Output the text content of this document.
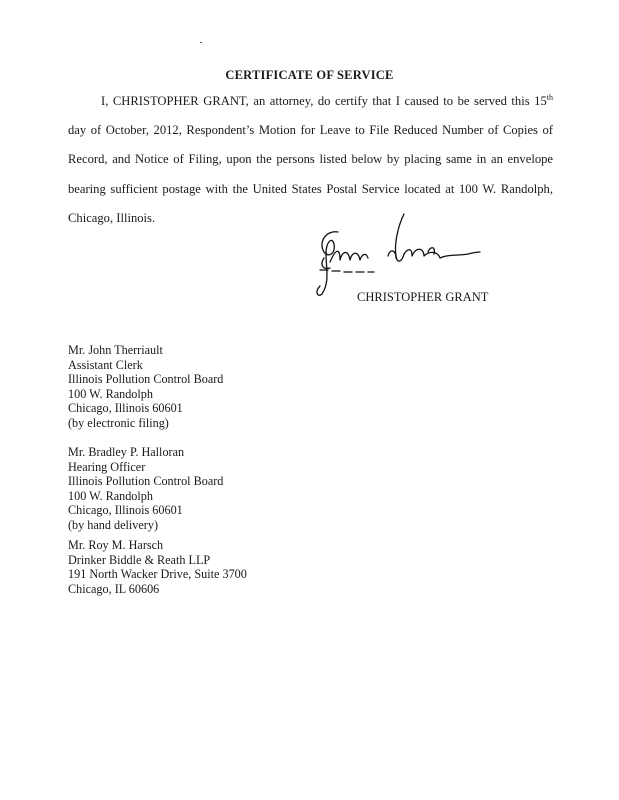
CERTIFICATE OF SERVICE

I, CHRISTOPHER GRANT, an attorney, do certify that I caused to be served this 15th day of October, 2012, Respondent’s Motion for Leave to File Reduced Number of Copies of Record, and Notice of Filing, upon the persons listed below by placing same in an envelope bearing sufficient postage with the United States Postal Service located at 100 W. Randolph, Chicago, Illinois.

CHRISTOPHER GRANT
Mr. John Therriault
Assistant Clerk
Illinois Pollution Control Board
100 W. Randolph
Chicago, Illinois 60601
(by electronic filing)
Mr. Bradley P. Halloran
Hearing Officer
Illinois Pollution Control Board
100 W. Randolph
Chicago, Illinois 60601
(by hand delivery)
Mr. Roy M. Harsch
Drinker Biddle & Reath LLP
191 North Wacker Drive, Suite 3700
Chicago, IL 60606
